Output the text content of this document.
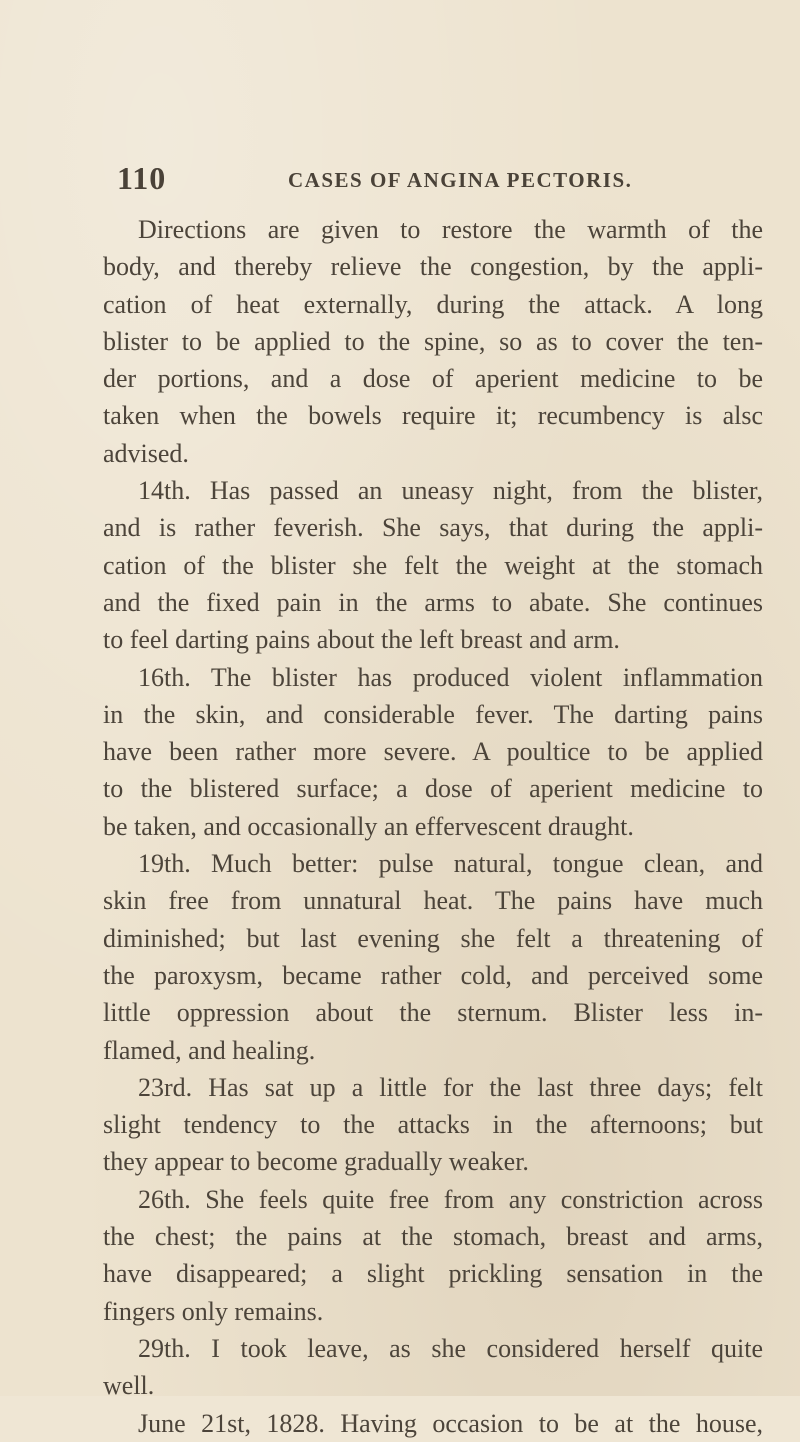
110	CASES OF ANGINA PECTORIS.
Directions are given to restore the warmth of the
body, and thereby relieve the congestion, by the appli-
cation of heat externally, during the attack. A long
blister to be applied to the spine, so as to cover the ten-
der portions, and a dose of aperient medicine to be
taken when the bowels require it; recumbency is alsc
advised.
14th. Has passed an uneasy night, from the blister,
and is rather feverish. She says, that during the appli-
cation of the blister she felt the weight at the stomach
and the fixed pain in the arms to abate. She continues
to feel darting pains about the left breast and arm.
16th. The blister has produced violent inflammation
in the skin, and considerable fever. The darting pains
have been rather more severe. A poultice to be applied
to the blistered surface; a dose of aperient medicine to
be taken, and occasionally an effervescent draught.
19th. Much better: pulse natural, tongue clean, and
skin free from unnatural heat. The pains have much
diminished; but last evening she felt a threatening of
the paroxysm, became rather cold, and perceived some
little oppression about the sternum. Blister less in-
flamed, and healing.
23rd. Has sat up a little for the last three days; felt
slight tendency to the attacks in the afternoons; but
they appear to become gradually weaker.
26th. She feels quite free from any constriction across
the chest; the pains at the stomach, breast and arms,
have disappeared; a slight prickling sensation in the
fingers only remains.
29th. I took leave, as she considered herself quite
well.
June 21st, 1828. Having occasion to be at the house,
